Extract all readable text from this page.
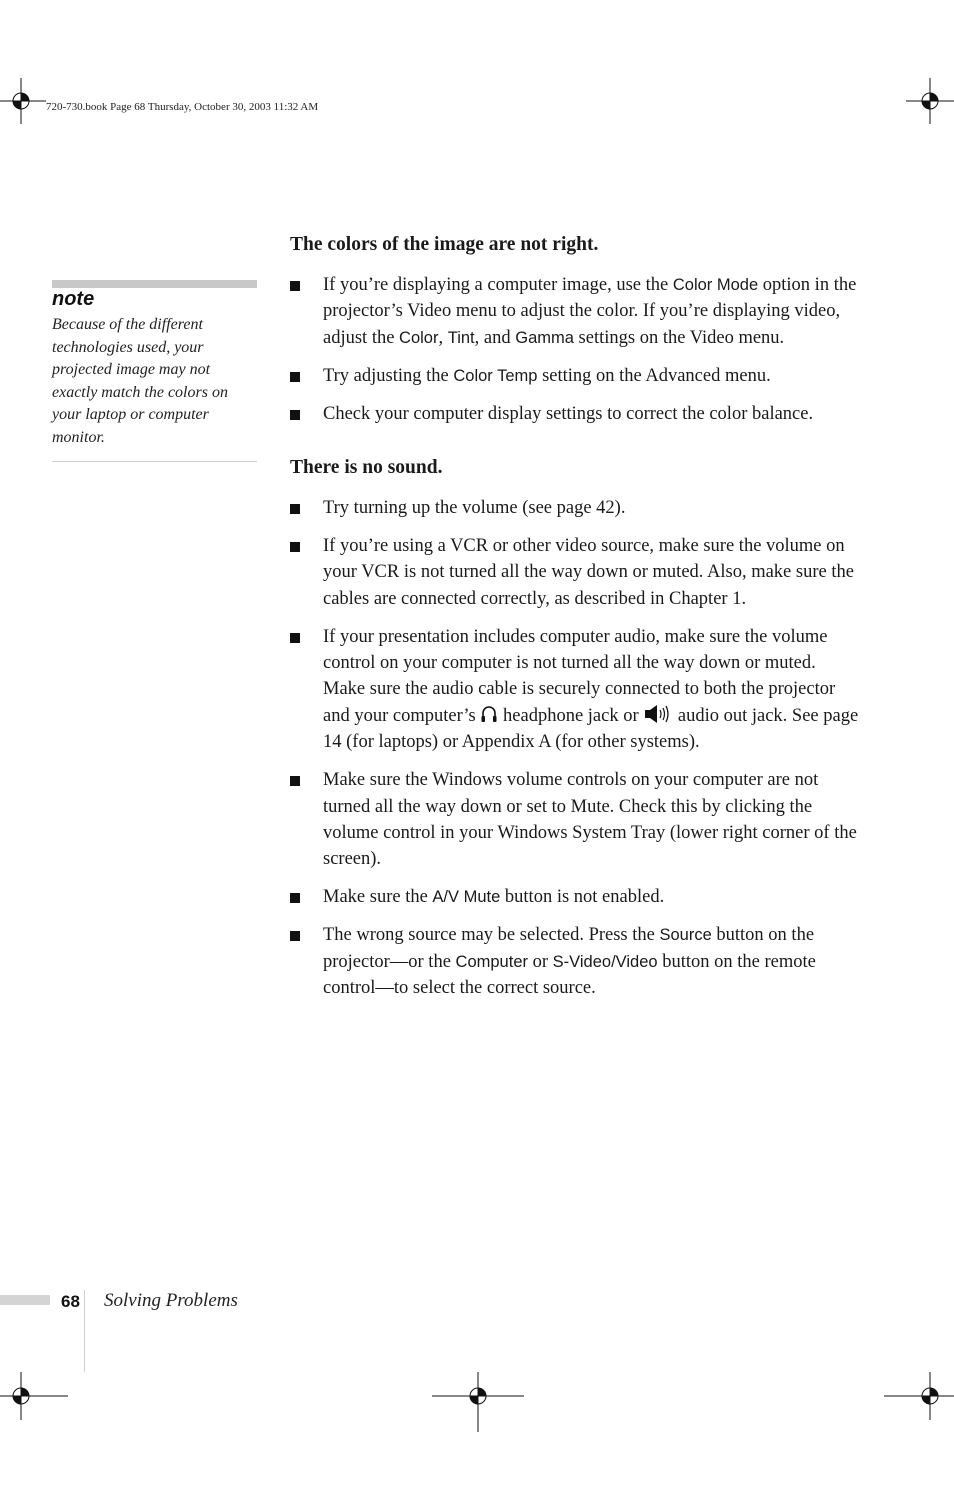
720-730.book Page 68 Thursday, October 30, 2003 11:32 AM
note
Because of the different
technologies used, your
projected image may not
exactly match the colors on
your laptop or computer
monitor.
The colors of the image are not right.
If you’re displaying a computer image, use the Color Mode option in the projector’s Video menu to adjust the color. If you’re displaying video, adjust the Color, Tint, and Gamma settings on the Video menu.
Try adjusting the Color Temp setting on the Advanced menu.
Check your computer display settings to correct the color balance.
There is no sound.
Try turning up the volume (see page 42).
If you’re using a VCR or other video source, make sure the volume on your VCR is not turned all the way down or muted. Also, make sure the cables are connected correctly, as described in Chapter 1.
If your presentation includes computer audio, make sure the volume control on your computer is not turned all the way down or muted. Make sure the audio cable is securely connected to both the projector and your computer’s  headphone jack or  audio out jack. See page 14 (for laptops) or Appendix A (for other systems).
Make sure the Windows volume controls on your computer are not turned all the way down or set to Mute. Check this by clicking the volume control in your Windows System Tray (lower right corner of the screen).
Make sure the A/V Mute button is not enabled.
The wrong source may be selected. Press the Source button on the projector—or the Computer or S-Video/Video button on the remote control—to select the correct source.
68 Solving Problems
